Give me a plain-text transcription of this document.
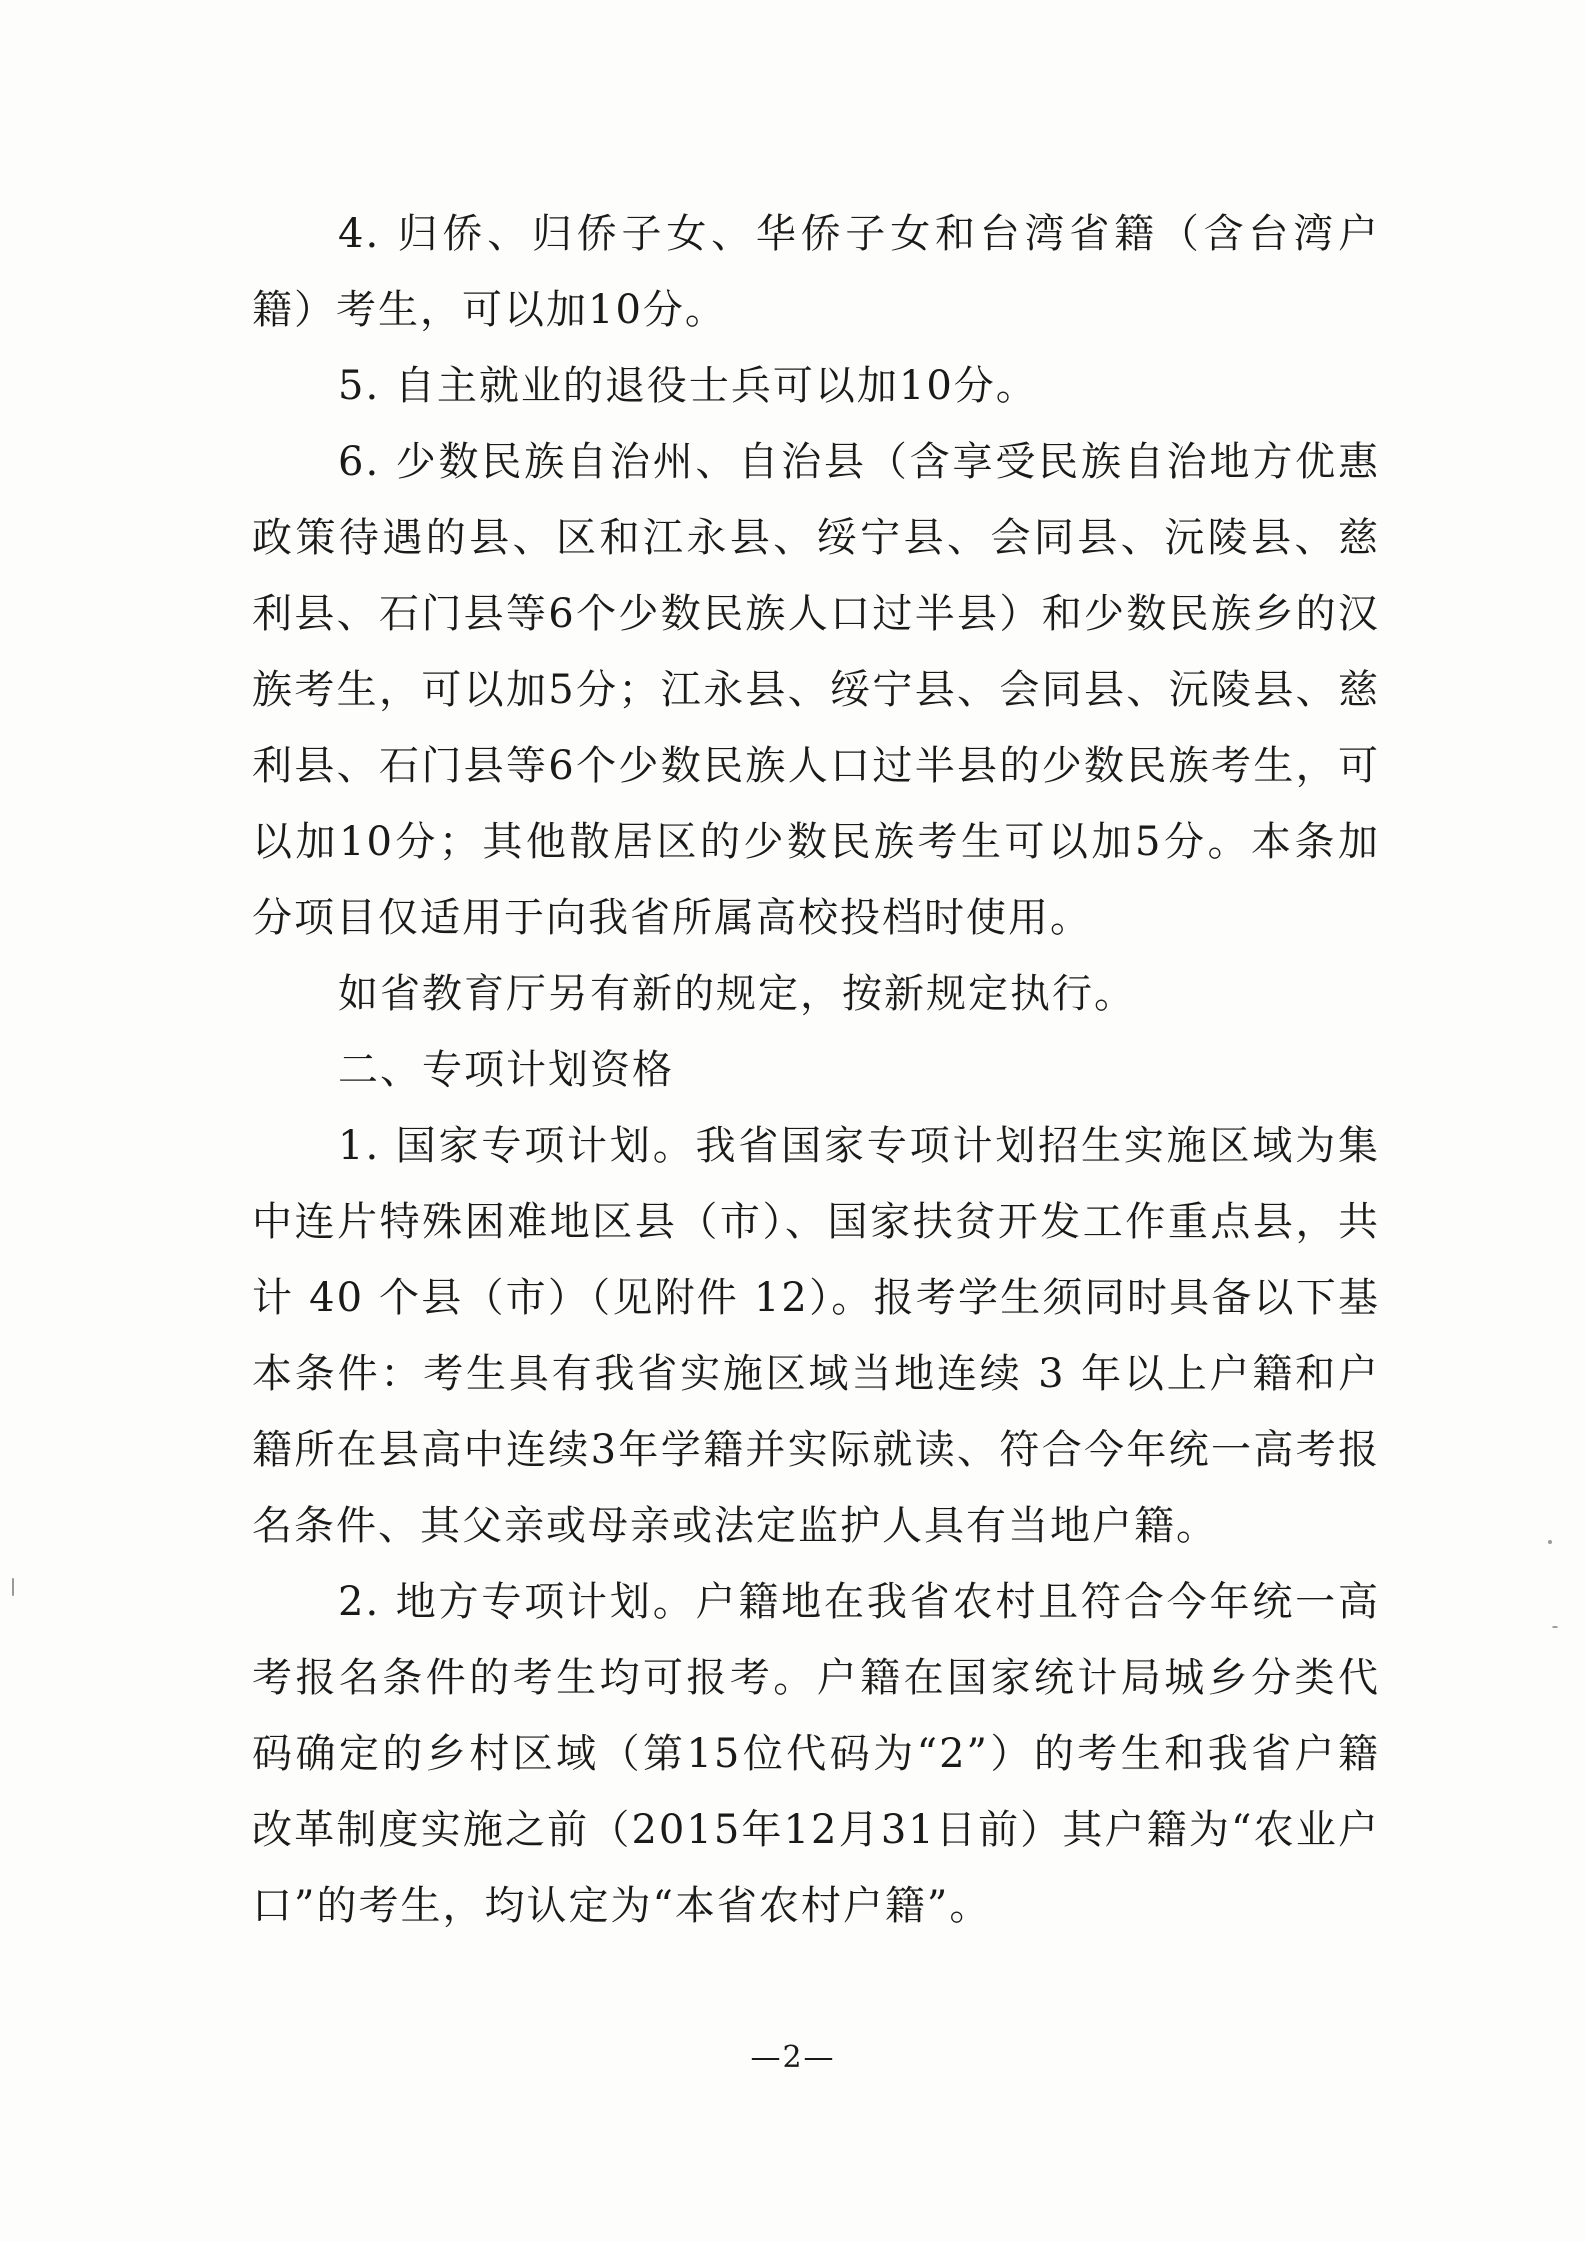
4. 归侨、归侨子女、华侨子女和台湾省籍（含台湾户籍）考生，可以加10分。

5. 自主就业的退役士兵可以加10分。

6. 少数民族自治州、自治县（含享受民族自治地方优惠政策待遇的县、区和江永县、绥宁县、会同县、沅陵县、慈利县、石门县等6个少数民族人口过半县）和少数民族乡的汉族考生，可以加5分；江永县、绥宁县、会同县、沅陵县、慈利县、石门县等6个少数民族人口过半县的少数民族考生，可以加10分；其他散居区的少数民族考生可以加5分。本条加分项目仅适用于向我省所属高校投档时使用。

如省教育厅另有新的规定，按新规定执行。

二、专项计划资格

1. 国家专项计划。我省国家专项计划招生实施区域为集中连片特殊困难地区县（市）、国家扶贫开发工作重点县，共计 40 个县（市）（见附件 12）。报考学生须同时具备以下基本条件：考生具有我省实施区域当地连续 3 年以上户籍和户籍所在县高中连续3年学籍并实际就读、符合今年统一高考报名条件、其父亲或母亲或法定监护人具有当地户籍。

2. 地方专项计划。户籍地在我省农村且符合今年统一高考报名条件的考生均可报考。户籍在国家统计局城乡分类代码确定的乡村区域（第15位代码为“2”）的考生和我省户籍改革制度实施之前（2015年12月31日前）其户籍为“农业户口”的考生，均认定为“本省农村户籍”。

—2—
